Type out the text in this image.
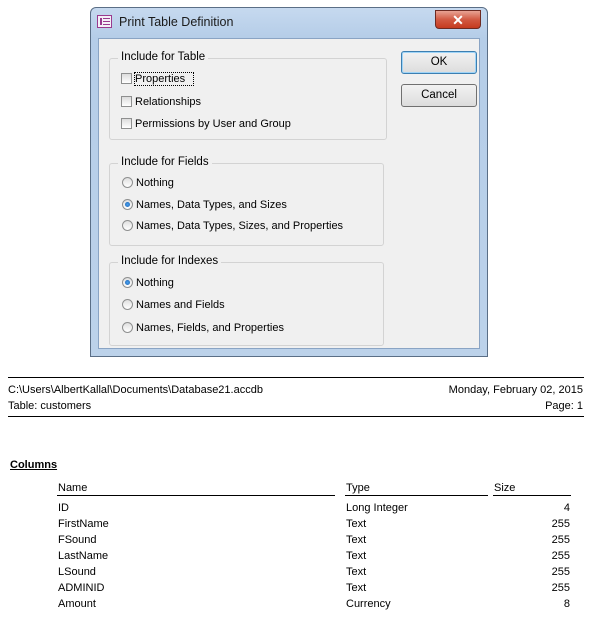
Print Table Definition	✕
Include for Table
Properties
Relationships
Permissions by User and Group
Include for Fields
Nothing
Names, Data Types, and Sizes
Names, Data Types, Sizes, and Properties
Include for Indexes
Nothing
Names and Fields
Names, Fields, and Properties
OK
Cancel
C:\Users\AlbertKallal\Documents\Database21.accdb	Monday, February 02, 2015
Table: customers	Page: 1
Columns
Name	Type	Size
ID	Long Integer	4
FirstName	Text	255
FSound	Text	255
LastName	Text	255
LSound	Text	255
ADMINID	Text	255
Amount	Currency	8
